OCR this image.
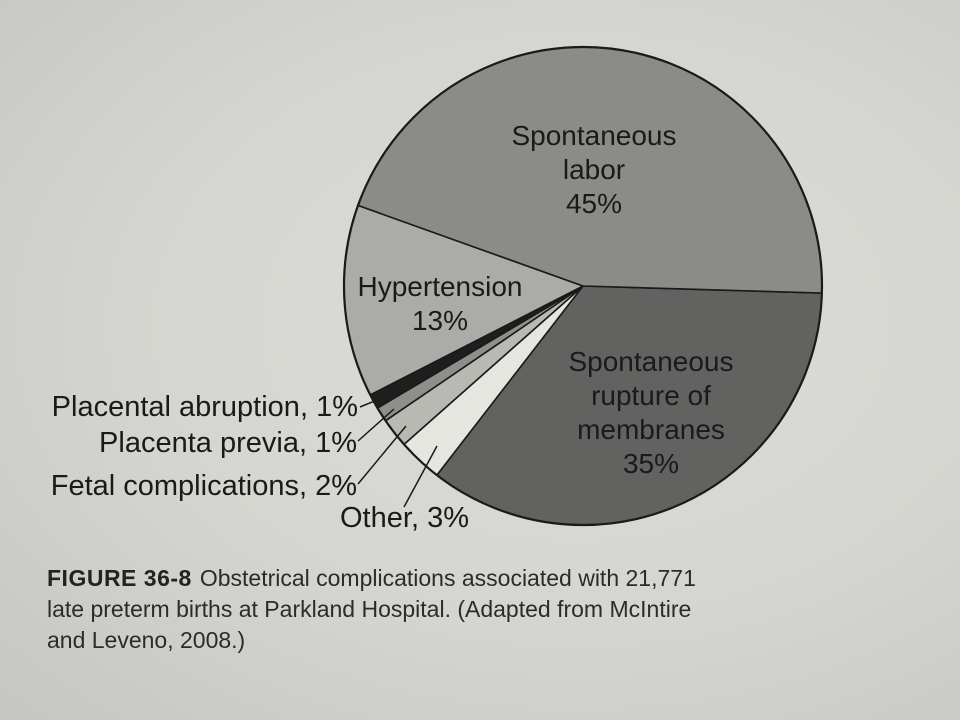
Spontaneous rupture of membranes
35%
Other , 3%
Fetal complications , 2%
Placenta previa , 1%
Placental abruption , 1%
Hypertension
13%
Spontaneous labor
45%
FIGURE 36-8 Obstetrical complications associated with 21,771
late preterm births at Parkland Hospital. (Adapted from McIntire
and Leveno, 2008.)
